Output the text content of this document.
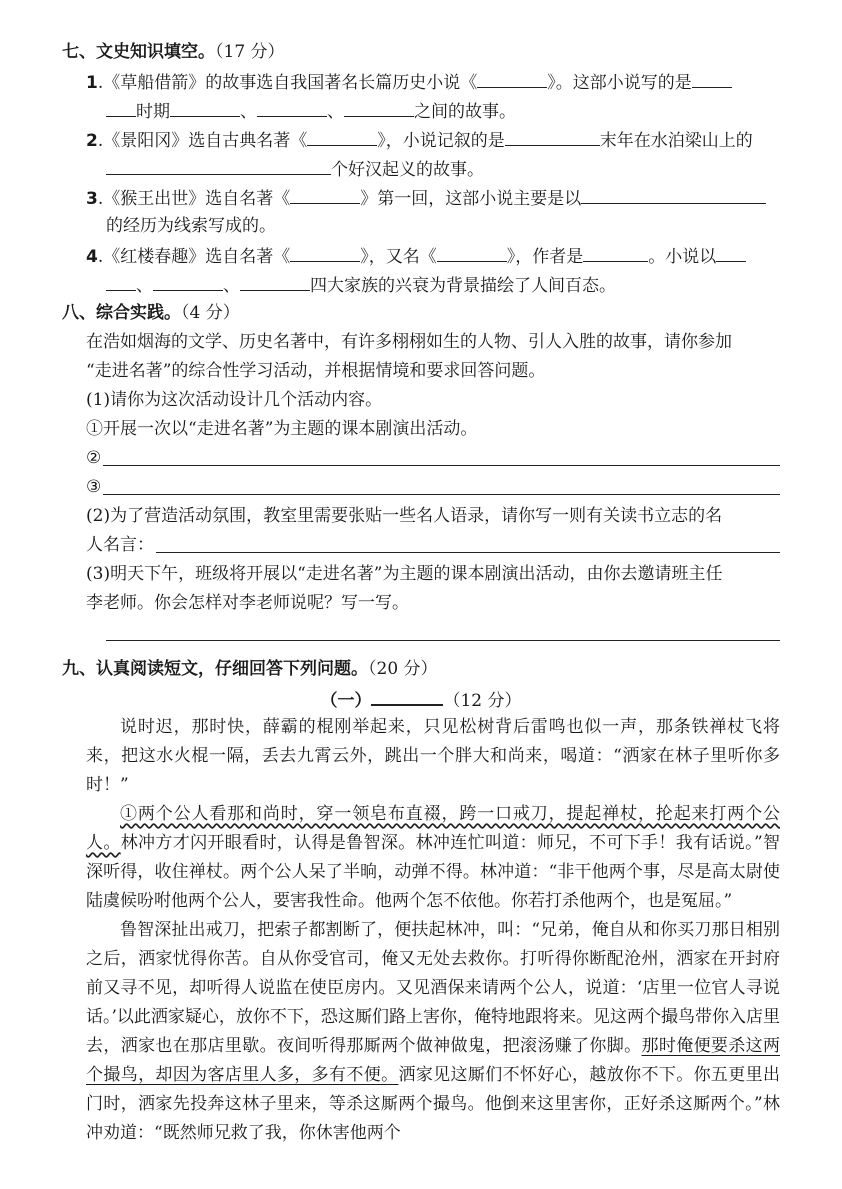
七、文史知识填空。（17 分）
1.《草船借箭》的故事选自我国著名长篇历史小说《	》。这部小说写的是
时期	、	、	之间的故事。
2.《景阳冈》选自古典名著《	》，小说记叙的是	末年在水泊梁山上的
个好汉起义的故事。
3.《猴王出世》选自名著《	》第一回，这部小说主要是以
的经历为线索写成的。
4.《红楼春趣》选自名著《	》，又名《	》，作者是	。小说以
、	、	四大家族的兴衰为背景描绘了人间百态。
八、综合实践。（4 分）
在浩如烟海的文学、历史名著中，有许多栩栩如生的人物、引人入胜的故事，请你参加
“走进名著”的综合性学习活动，并根据情境和要求回答问题。
(1)请你为这次活动设计几个活动内容。
①开展一次以“走进名著”为主题的课本剧演出活动。
②
③
(2)为了营造活动氛围，教室里需要张贴一些名人语录，请你写一则有关读书立志的名
人名言：
(3)明天下午，班级将开展以“走进名著”为主题的课本剧演出活动，由你去邀请班主任
李老师。你会怎样对李老师说呢？写一写。
九、认真阅读短文，仔细回答下列问题。（20 分）
（一）	（12 分）
说时迟，那时快，薛霸的棍刚举起来，只见松树背后雷鸣也似一声，那条铁禅杖飞将来，把这水火棍一隔，丢去九霄云外，跳出一个胖大和尚来，喝道：“洒家在林子里听你多时！”
①两个公人看那和尚时，穿一领皂布直裰，跨一口戒刀，提起禅杖，抡起来打两个公人。林冲方才闪开眼看时，认得是鲁智深。林冲连忙叫道：师兄，不可下手！我有话说。”智深听得，收住禅杖。两个公人呆了半晌，动弹不得。林冲道：“非干他两个事，尽是高太尉使陆虞候吩咐他两个公人，要害我性命。他两个怎不依他。你若打杀他两个，也是冤屈。”
鲁智深扯出戒刀，把索子都割断了，便扶起林冲，叫：“兄弟，俺自从和你买刀那日相别之后，洒家忧得你苦。自从你受官司，俺又无处去救你。打听得你断配沧州，洒家在开封府前又寻不见，却听得人说监在使臣房内。又见酒保来请两个公人，说道：‘店里一位官人寻说话。’以此洒家疑心，放你不下，恐这厮们路上害你，俺特地跟将来。见这两个撮鸟带你入店里去，洒家也在那店里歇。夜间听得那厮两个做神做鬼，把滚汤赚了你脚。那时俺便要杀这两个撮鸟，却因为客店里人多，多有不便。洒家见这厮们不怀好心，越放你不下。你五更里出门时，洒家先投奔这林子里来，等杀这厮两个撮鸟。他倒来这里害你，正好杀这厮两个。”林冲劝道：“既然师兄救了我，你休害他两个
